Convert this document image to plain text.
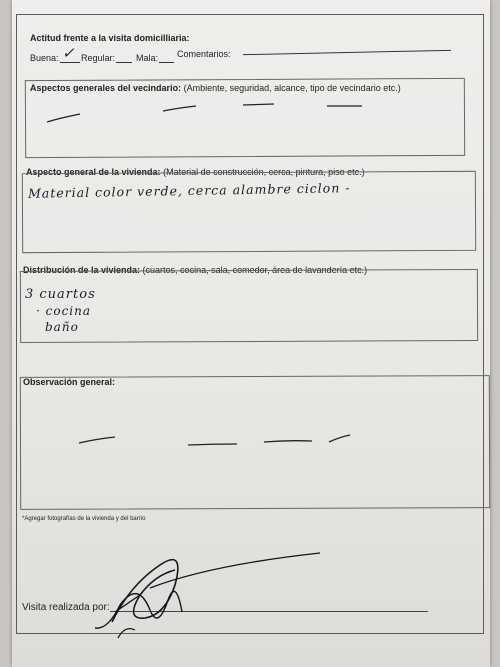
Actitud frente a la visita domicilliaria:
Buena: ✓ Regular: Mala: Comentarios:
Aspectos generales del vecindario: (Ambiente, seguridad, alcance, tipo de vecindario etc.)
Aspecto general de la vivienda: (Material de construcción, cerca, pintura, piso etc.)
Material color verde, cerca alambre ciclon -
Distribución de la vivienda: (cuartos, cocina, sala, comedor, área de lavandería etc.)
3 cuartos
· cocina
baño
Observación general:
*Agregar fotografías de la vivienda y del barrio
Visita realizada por:
